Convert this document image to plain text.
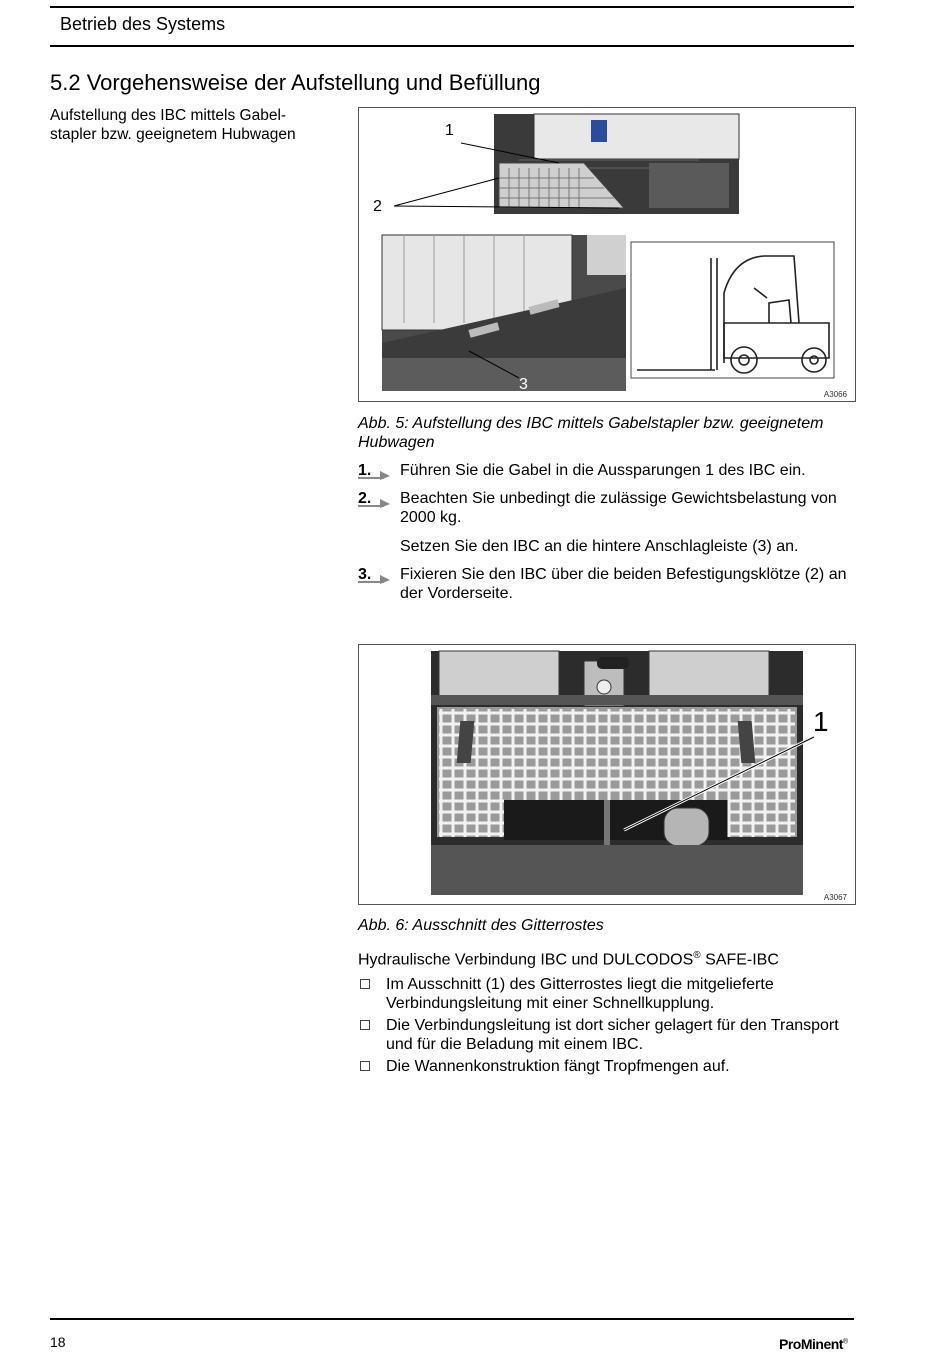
Betrieb des Systems
5.2 Vorgehensweise der Aufstellung und Befüllung
Aufstellung des IBC mittels Gabel-
stapler bzw. geeignetem Hubwagen	1
2
3
A3066
Abb. 5: Aufstellung des IBC mittels Gabelstapler bzw. geeignetem Hubwagen
1. Führen Sie die Gabel in die Aussparungen 1 des IBC ein.
2. Beachten Sie unbedingt die zulässige Gewichtsbelastung von 2000 kg.
Setzen Sie den IBC an die hintere Anschlagleiste (3) an.
3. Fixieren Sie den IBC über die beiden Befestigungsklötze (2) an der Vorderseite.
1
A3067
Abb. 6: Ausschnitt des Gitterrostes
Hydraulische Verbindung IBC und DULCODOS® SAFE-IBC
Im Ausschnitt (1) des Gitterrostes liegt die mitgelieferte Verbindungsleitung mit einer Schnellkupplung.
Die Verbindungsleitung ist dort sicher gelagert für den Transport und für die Beladung mit einem IBC.
Die Wannenkonstruktion fängt Tropfmengen auf.
18	ProMinent®
